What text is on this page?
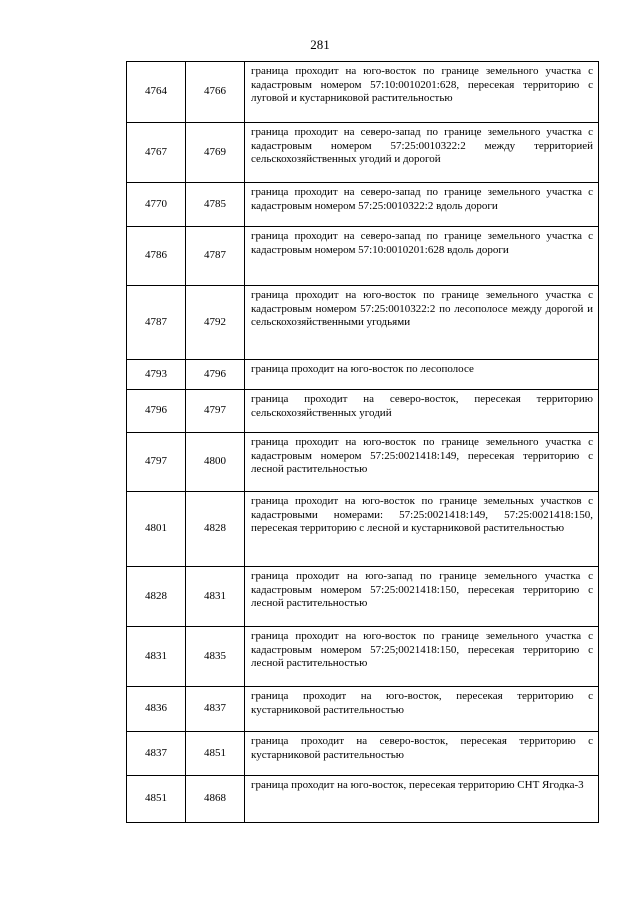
281
4764	4766	граница проходит на юго-восток по границе земельного участка с кадастровым номером 57:10:0010201:628, пересекая территорию с луговой и кустарниковой растительностью
4767	4769	граница проходит на северо-запад по границе земельного участка с кадастровым номером 57:25:0010322:2 между территорией сельскохозяйственных угодий и дорогой
4770	4785	граница проходит на северо-запад по границе земельного участка с кадастровым номером 57:25:0010322:2 вдоль дороги
4786	4787	граница проходит на северо-запад по границе земельного участка с кадастровым номером 57:10:0010201:628 вдоль дороги
4787	4792	граница проходит на юго-восток по границе земельного участка с кадастровым номером 57:25:0010322:2 по лесополосе между дорогой и сельскохозяйственными угодьями
4793	4796	граница проходит на юго-восток по лесополосе
4796	4797	граница проходит на северо-восток, пересекая территорию сельскохозяйственных угодий
4797	4800	граница проходит на юго-восток по границе земельного участка с кадастровым номером 57:25:0021418:149, пересекая территорию с лесной растительностью
4801	4828	граница проходит на юго-восток по границе земельных участков с кадастровыми номерами: 57:25:0021418:149, 57:25:0021418:150, пересекая территорию с лесной и кустарниковой растительностью
4828	4831	граница проходит на юго-запад по границе земельного участка с кадастровым номером 57:25:0021418:150, пересекая территорию с лесной растительностью
4831	4835	граница проходит на юго-восток по границе земельного участка с кадастровым номером 57:25;0021418:150, пересекая территорию с лесной растительностью
4836	4837	граница проходит на юго-восток, пересекая территорию с кустарниковой растительностью
4837	4851	граница проходит на северо-восток, пересекая территорию с кустарниковой растительностью
4851	4868	граница проходит на юго-восток, пересекая территорию СНТ Ягодка-3
